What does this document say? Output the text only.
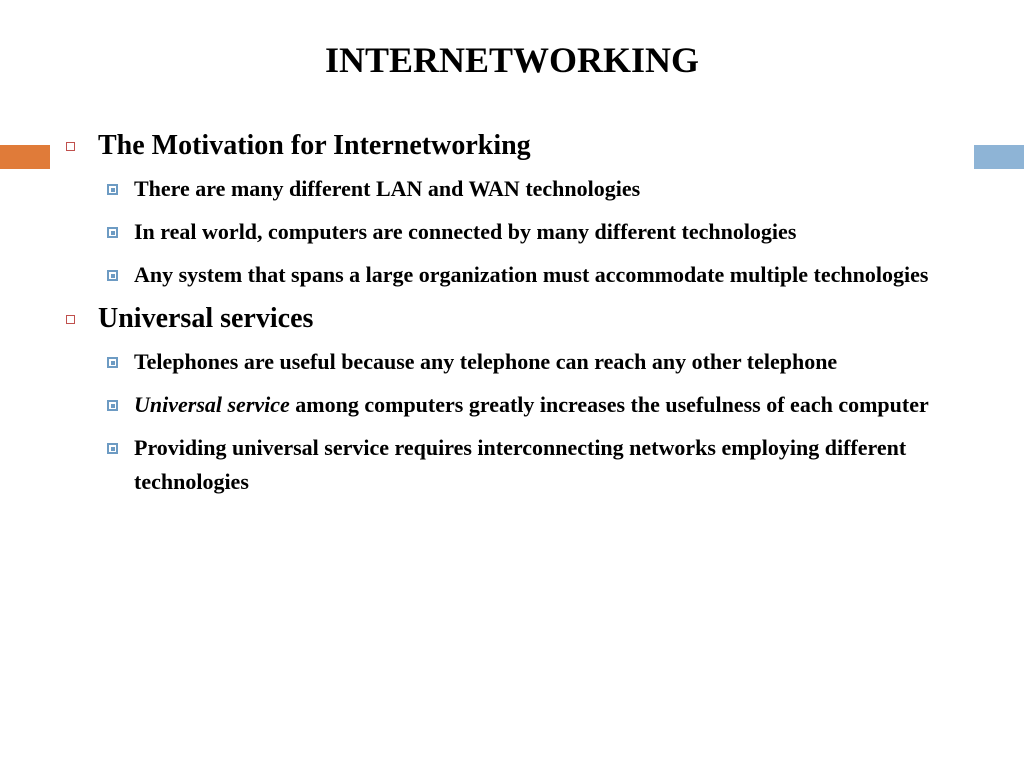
INTERNETWORKING
The Motivation for Internetworking
There are many different LAN and WAN technologies
In real world, computers are connected by many different technologies
Any system that spans a large organization must accommodate multiple technologies
Universal services
Telephones are useful because any telephone can reach any other telephone
Universal service among computers greatly increases the usefulness of each computer
Providing universal service requires interconnecting networks employing different technologies
